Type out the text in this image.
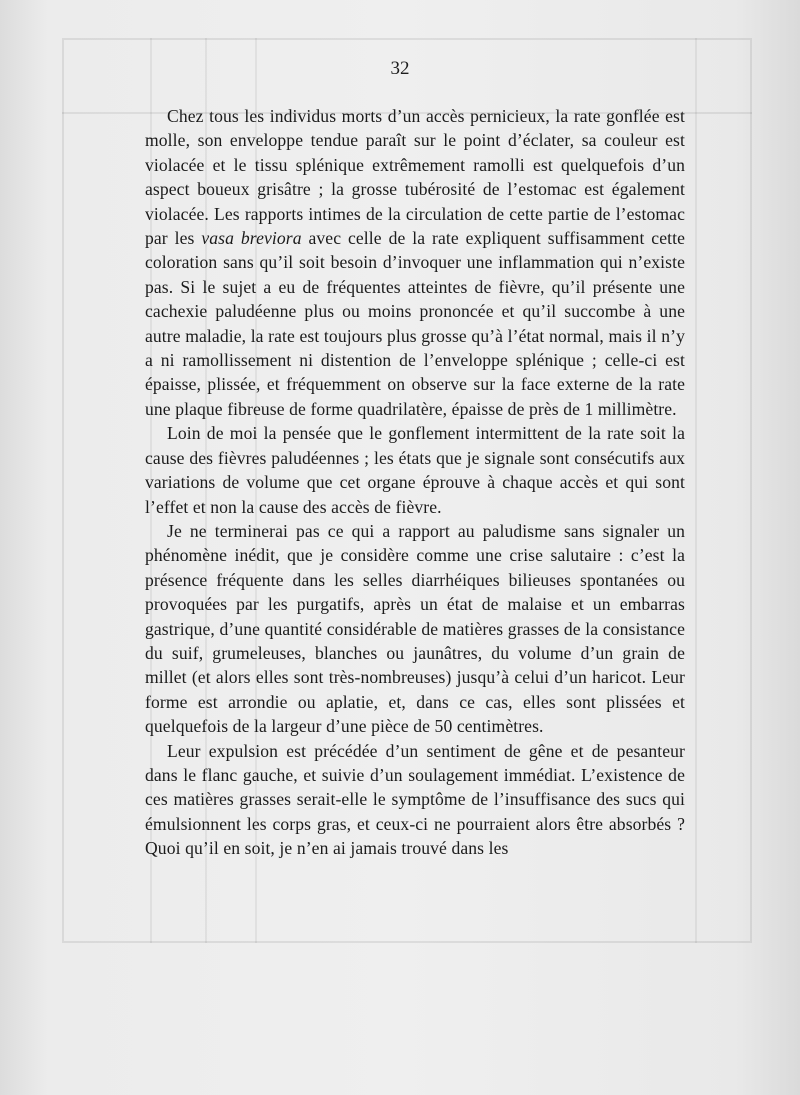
32

Chez tous les individus morts d’un accès pernicieux, la rate gonflée est molle, son enveloppe tendue paraît sur le point d’éclater, sa couleur est violacée et le tissu splénique extrêmement ramolli est quelquefois d’un aspect boueux grisâtre ; la grosse tubérosité de l’estomac est également violacée. Les rapports intimes de la circulation de cette partie de l’estomac par les vasa breviora avec celle de la rate expliquent suffisamment cette coloration sans qu’il soit besoin d’invoquer une inflammation qui n’existe pas. Si le sujet a eu de fréquentes atteintes de fièvre, qu’il présente une cachexie paludéenne plus ou moins prononcée et qu’il succombe à une autre maladie, la rate est toujours plus grosse qu’à l’état normal, mais il n’y a ni ramollissement ni distention de l’enveloppe splénique ; celle-ci est épaisse, plissée, et fréquemment on observe sur la face externe de la rate une plaque fibreuse de forme quadrilatère, épaisse de près de 1 millimètre.

Loin de moi la pensée que le gonflement intermittent de la rate soit la cause des fièvres paludéennes ; les états que je signale sont consécutifs aux variations de volume que cet organe éprouve à chaque accès et qui sont l’effet et non la cause des accès de fièvre.

Je ne terminerai pas ce qui a rapport au paludisme sans signaler un phénomène inédit, que je considère comme une crise salutaire : c’est la présence fréquente dans les selles diarrhéiques bilieuses spontanées ou provoquées par les purgatifs, après un état de malaise et un embarras gastrique, d’une quantité considérable de matières grasses de la consistance du suif, grumeleuses, blanches ou jaunâtres, du volume d’un grain de millet (et alors elles sont très-nombreuses) jusqu’à celui d’un haricot. Leur forme est arrondie ou aplatie, et, dans ce cas, elles sont plissées et quelquefois de la largeur d’une pièce de 50 centimètres.

Leur expulsion est précédée d’un sentiment de gêne et de pesanteur dans le flanc gauche, et suivie d’un soulagement immédiat. L’existence de ces matières grasses serait-elle le symptôme de l’insuffisance des sucs qui émulsionnent les corps gras, et ceux-ci ne pourraient alors être absorbés ? Quoi qu’il en soit, je n’en ai jamais trouvé dans les
